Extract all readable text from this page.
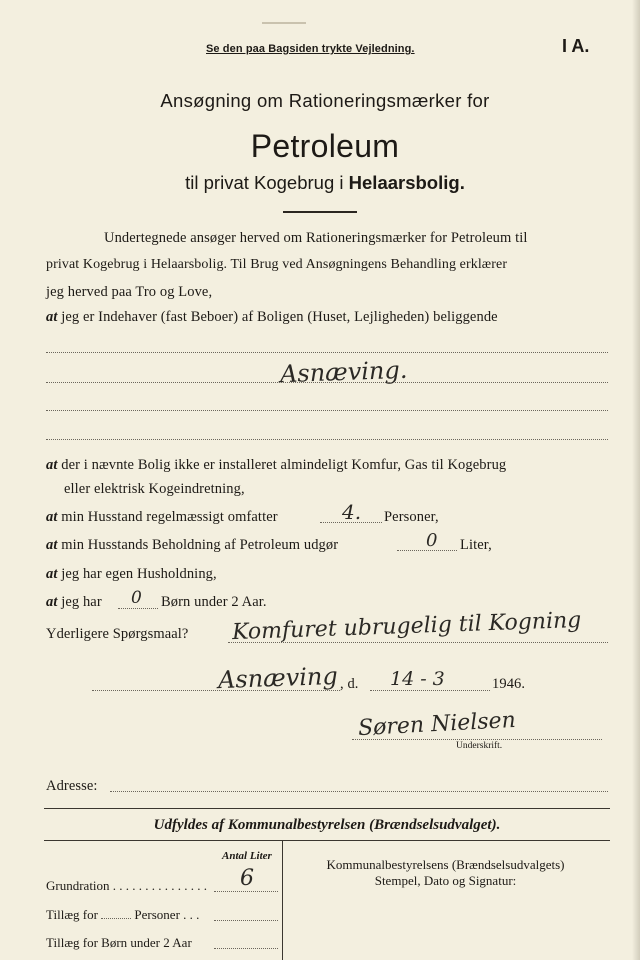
Se den paa Bagsiden trykte Vejledning.	I A.
Ansøgning om Rationeringsmærker for
Petroleum
til privat Kogebrug i Helaarsbolig.
Undertegnede ansøger herved om Rationeringsmærker for Petroleum til
privat Kogebrug i Helaarsbolig. Til Brug ved Ansøgningens Behandling erklærer
jeg herved paa Tro og Love,
at jeg er Indehaver (fast Beboer) af Boligen (Huset, Lejligheden) beliggende
Asnæving.
at der i nævnte Bolig ikke er installeret almindeligt Komfur, Gas til Kogebrug
eller elektrisk Kogeindretning,
at min Husstand regelmæssigt omfatter	4. Personer,
at min Husstands Beholdning af Petroleum udgør	0 Liter,
at jeg har egen Husholdning,
at jeg har 0 Børn under 2 Aar.
Yderligere Spørgsmaal? Komfuret ubrugelig til Kogning
Asnæving , d. 14 - 3	1946.
Søren Nielsen
Underskrift.
Adresse:
Udfyldes af Kommunalbestyrelsen (Brændselsudvalget).
Antal Liter
Grundration . . . . . . . . . . . . . . . 6
Tillæg for	Personer . . .
Tillæg for Børn under 2 Aar
Kommunalbestyrelsens (Brændselsudvalgets)
Stempel, Dato og Signatur:
